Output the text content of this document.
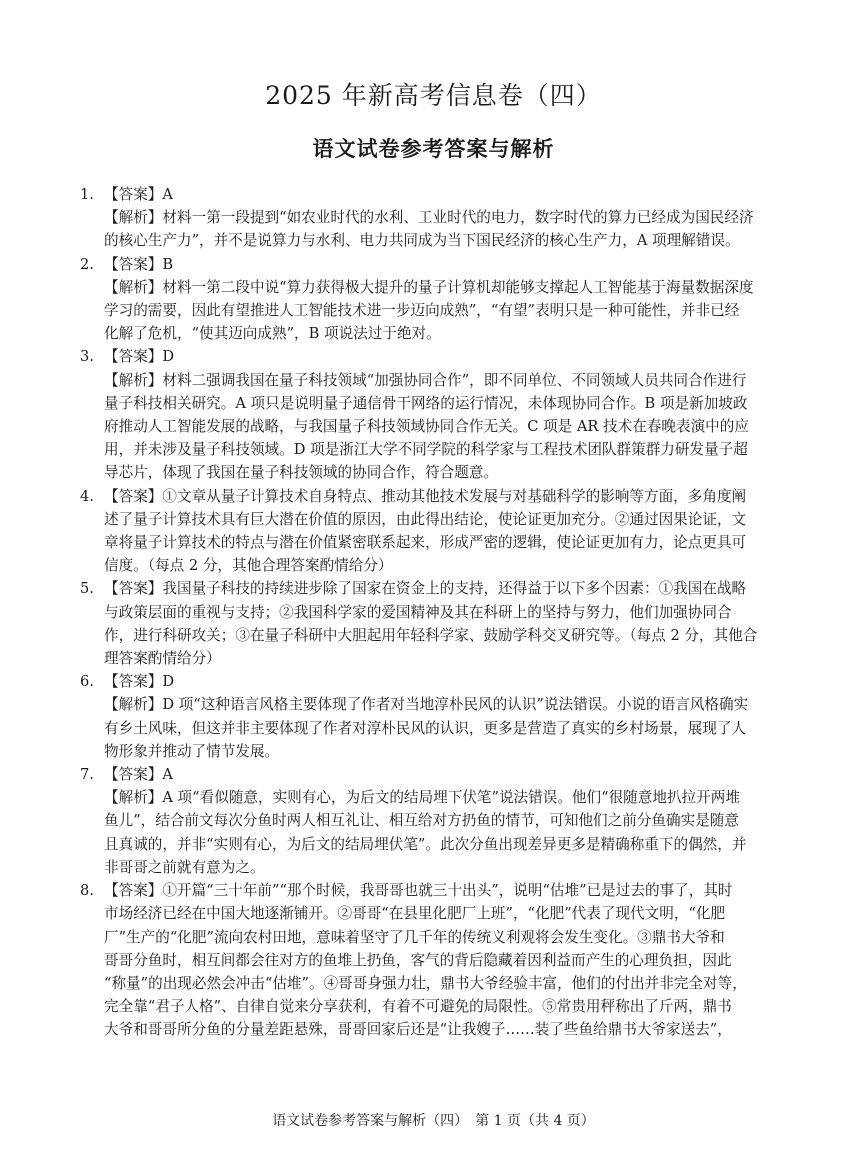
2025 年新高考信息卷（四）
语文试卷参考答案与解析
1. 【答案】A
【解析】材料一第一段提到“如农业时代的水利、工业时代的电力，数字时代的算力已经成为国民经济
的核心生产力”，并不是说算力与水利、电力共同成为当下国民经济的核心生产力，A 项理解错误。
2. 【答案】B
【解析】材料一第二段中说“算力获得极大提升的量子计算机却能够支撑起人工智能基于海量数据深度
学习的需要，因此有望推进人工智能技术进一步迈向成熟”，“有望”表明只是一种可能性，并非已经
化解了危机，“使其迈向成熟”，B 项说法过于绝对。
3. 【答案】D
【解析】材料二强调我国在量子科技领域“加强协同合作”，即不同单位、不同领域人员共同合作进行
量子科技相关研究。A 项只是说明量子通信骨干网络的运行情况，未体现协同合作。B 项是新加坡政
府推动人工智能发展的战略，与我国量子科技领域协同合作无关。C 项是 AR 技术在春晚表演中的应
用，并未涉及量子科技领域。D 项是浙江大学不同学院的科学家与工程技术团队群策群力研发量子超
导芯片，体现了我国在量子科技领域的协同合作，符合题意。
4. 【答案】①文章从量子计算技术自身特点、推动其他技术发展与对基础科学的影响等方面，多角度阐
述了量子计算技术具有巨大潜在价值的原因，由此得出结论，使论证更加充分。②通过因果论证，文
章将量子计算技术的特点与潜在价值紧密联系起来，形成严密的逻辑，使论证更加有力，论点更具可
信度。（每点 2 分，其他合理答案酌情给分）
5. 【答案】我国量子科技的持续进步除了国家在资金上的支持，还得益于以下多个因素：①我国在战略
与政策层面的重视与支持；②我国科学家的爱国精神及其在科研上的坚持与努力，他们加强协同合
作，进行科研攻关；③在量子科研中大胆起用年轻科学家、鼓励学科交叉研究等。（每点 2 分，其他合
理答案酌情给分）
6. 【答案】D
【解析】D 项“这种语言风格主要体现了作者对当地淳朴民风的认识”说法错误。小说的语言风格确实
有乡土风味，但这并非主要体现了作者对淳朴民风的认识，更多是营造了真实的乡村场景，展现了人
物形象并推动了情节发展。
7. 【答案】A
【解析】A 项“看似随意，实则有心，为后文的结局埋下伏笔”说法错误。他们“很随意地扒拉开两堆
鱼儿”，结合前文每次分鱼时两人相互礼让、相互给对方扔鱼的情节，可知他们之前分鱼确实是随意
且真诚的，并非“实则有心，为后文的结局埋伏笔”。此次分鱼出现差异更多是精确称重下的偶然，并
非哥哥之前就有意为之。
8. 【答案】①开篇“三十年前”“那个时候，我哥哥也就三十出头”，说明“估堆”已是过去的事了，其时
市场经济已经在中国大地逐渐铺开。②哥哥“在县里化肥厂上班”，“化肥”代表了现代文明，“化肥
厂”生产的“化肥”流向农村田地，意味着坚守了几千年的传统义利观将会发生变化。③鼎书大爷和
哥哥分鱼时，相互间都会往对方的鱼堆上扔鱼，客气的背后隐藏着因利益而产生的心理负担，因此
“称量”的出现必然会冲击“估堆”。④哥哥身强力壮，鼎书大爷经验丰富，他们的付出并非完全对等，
完全靠“君子人格”、自律自觉来分享获利，有着不可避免的局限性。⑤常贵用秤称出了斤两，鼎书
大爷和哥哥所分鱼的分量差距悬殊，哥哥回家后还是“让我嫂子……装了些鱼给鼎书大爷家送去”，
语文试卷参考答案与解析（四）　第 1 页（共 4 页）
